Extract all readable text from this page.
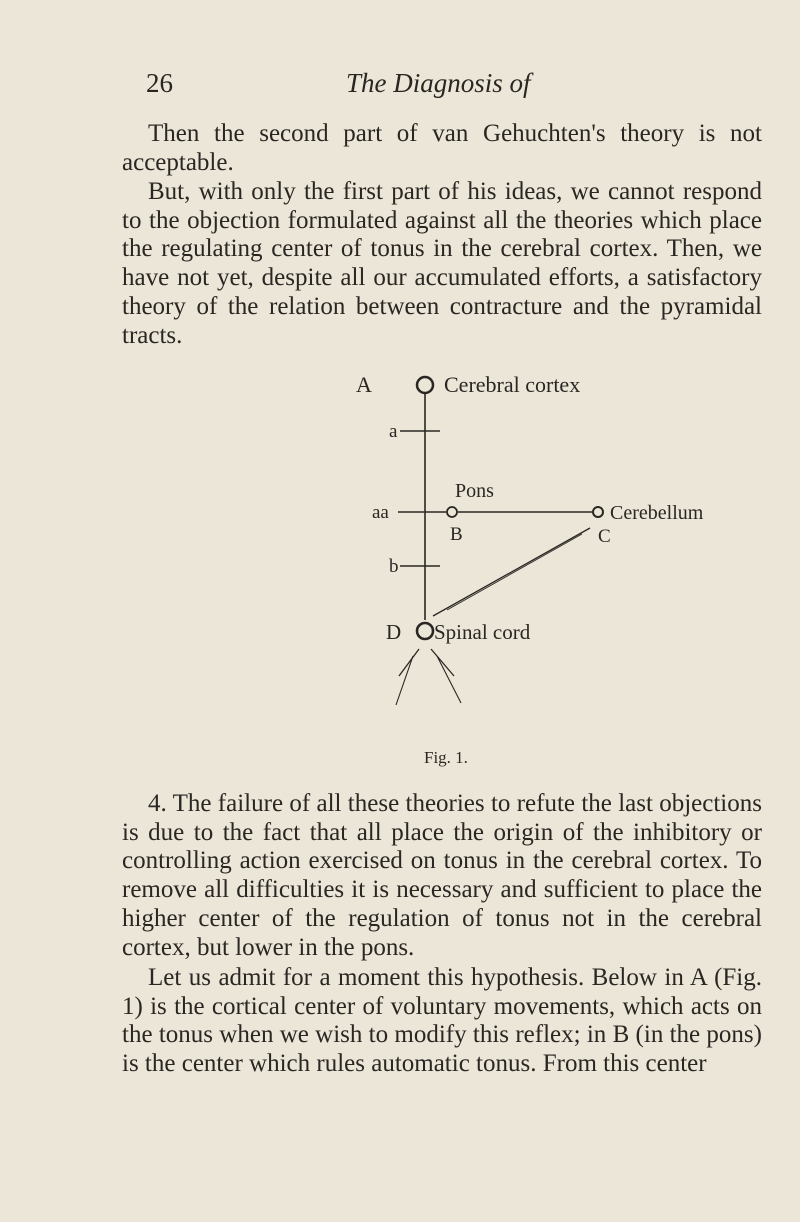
26	The Diagnosis of

Then the second part of van Gehuchten's theory is not acceptable.

But, with only the first part of his ideas, we cannot respond to the objection formulated against all the theories which place the regulating center of tonus in the cerebral cortex. Then, we have not yet, despite all our accumulated efforts, a satisfactory theory of the relation between contracture and the pyramidal tracts.

A	Cerebral cortex
a
Pons
aa	Cerebellum
B	C
b
D Spinal cord
Fig. 1.

4. The failure of all these theories to refute the last objections is due to the fact that all place the origin of the inhibitory or controlling action exercised on tonus in the cerebral cortex. To remove all difficulties it is necessary and sufficient to place the higher center of the regulation of tonus not in the cerebral cortex, but lower in the pons.

Let us admit for a moment this hypothesis. Below in A (Fig. 1) is the cortical center of voluntary movements, which acts on the tonus when we wish to modify this reflex; in B (in the pons) is the center which rules automatic tonus. From this center
